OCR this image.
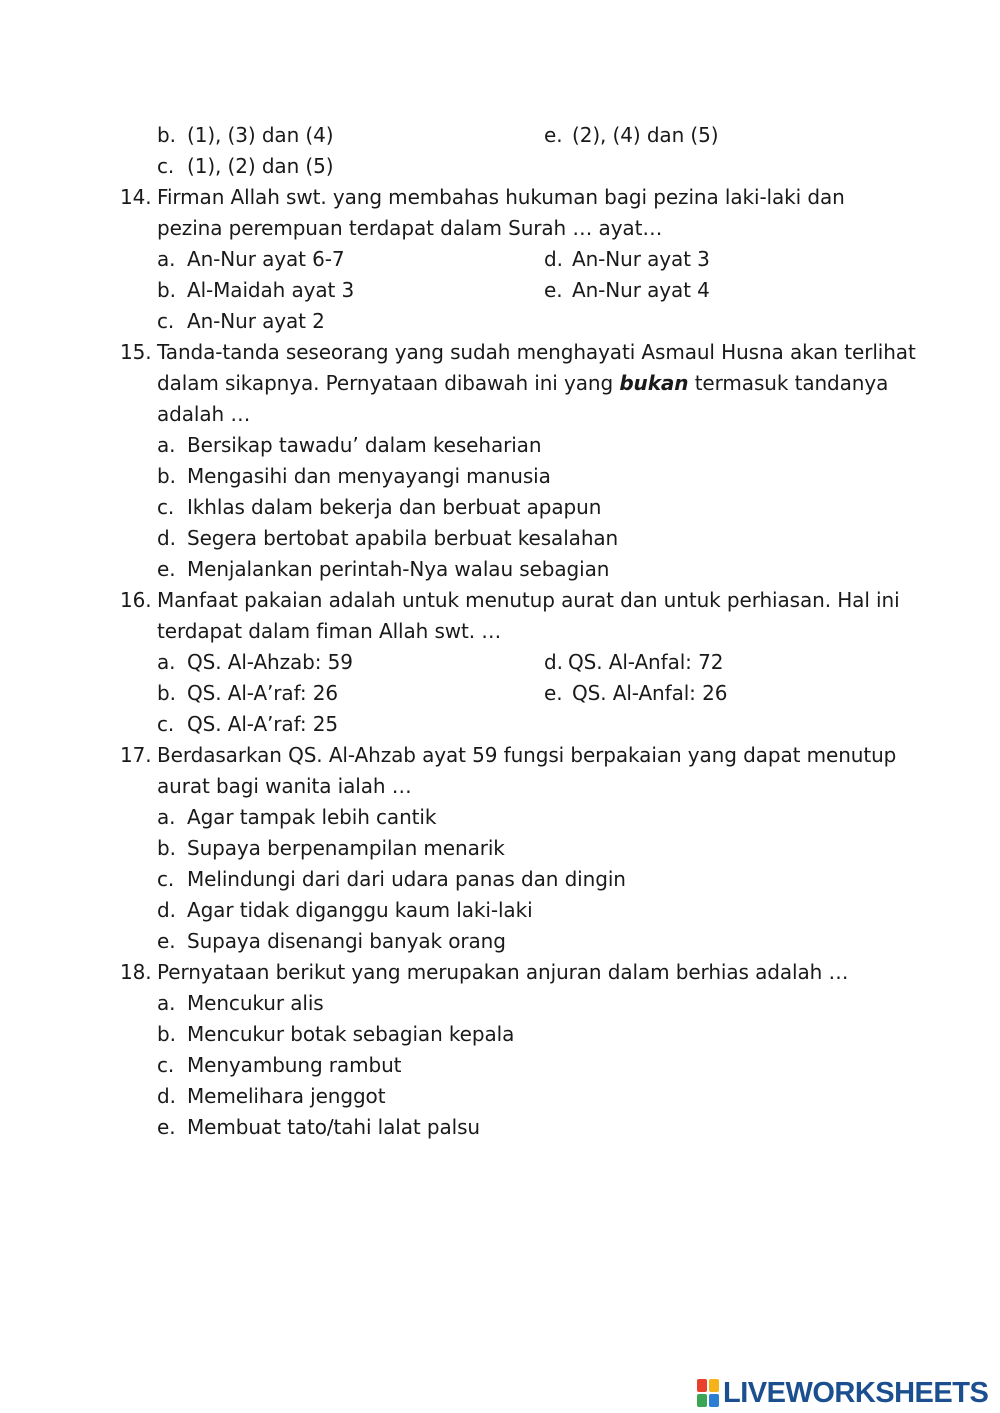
b. (1), (3) dan (4)	e. (2), (4) dan (5)
c. (1), (2) dan (5)
14. Firman Allah swt. yang membahas hukuman bagi pezina laki-laki dan
pezina perempuan terdapat dalam Surah … ayat…
a. An-Nur ayat 6-7	d. An-Nur ayat 3
b. Al-Maidah ayat 3	e. An-Nur ayat 4
c. An-Nur ayat 2
15. Tanda-tanda seseorang yang sudah menghayati Asmaul Husna akan terlihat
dalam sikapnya. Pernyataan dibawah ini yang bukan termasuk tandanya
adalah …
a. Bersikap tawadu’ dalam keseharian
b. Mengasihi dan menyayangi manusia
c. Ikhlas dalam bekerja dan berbuat apapun
d. Segera bertobat apabila berbuat kesalahan
e. Menjalankan perintah-Nya walau sebagian
16. Manfaat pakaian adalah untuk menutup aurat dan untuk perhiasan. Hal ini
terdapat dalam fiman Allah swt. …
a. QS. Al-Ahzab: 59	d. QS. Al-Anfal: 72
b. QS. Al-A’raf: 26	e. QS. Al-Anfal: 26
c. QS. Al-A’raf: 25
17. Berdasarkan QS. Al-Ahzab ayat 59 fungsi berpakaian yang dapat menutup
aurat bagi wanita ialah …
a. Agar tampak lebih cantik
b. Supaya berpenampilan menarik
c. Melindungi dari dari udara panas dan dingin
d. Agar tidak diganggu kaum laki-laki
e. Supaya disenangi banyak orang
18. Pernyataan berikut yang merupakan anjuran dalam berhias adalah …
a. Mencukur alis
b. Mencukur botak sebagian kepala
c. Menyambung rambut
d. Memelihara jenggot
e. Membuat tato/tahi lalat palsu
LIVEWORKSHEETS
